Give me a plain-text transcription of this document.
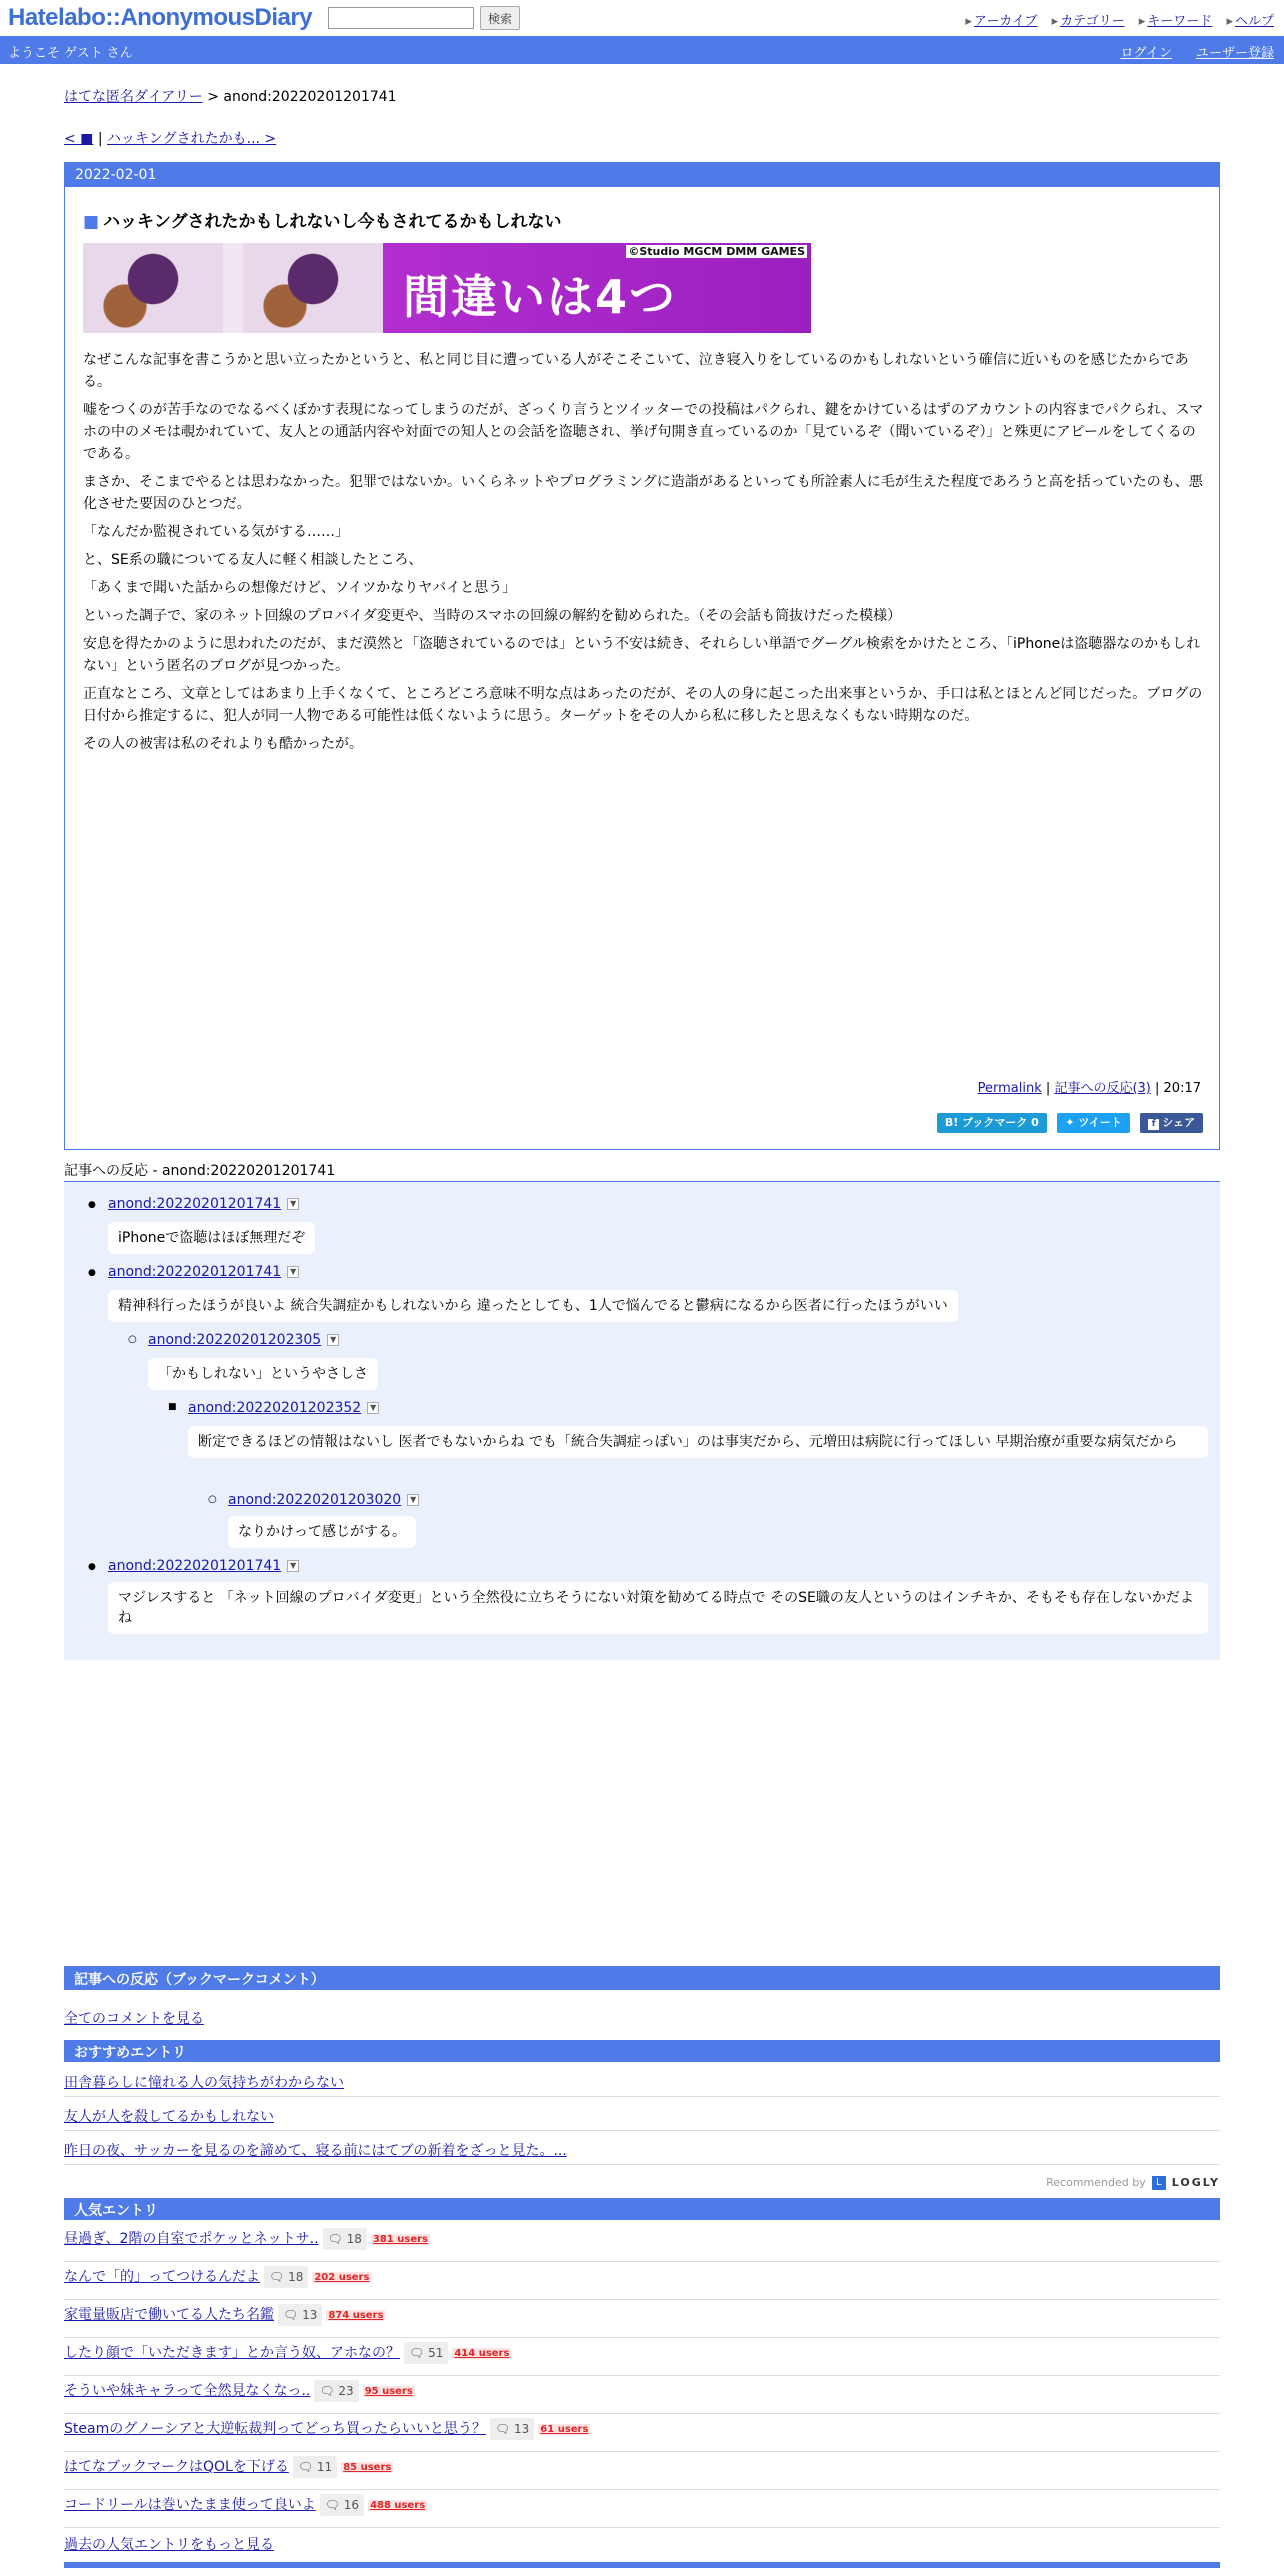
Hatelabo::AnonymousDiary	検索	▸ アーカイブ ▸ カテゴリー ▸ キーワード ▸ ヘルプ
ようこそ ゲスト さん	ログイン ユーザー登録
はてな匿名ダイアリー > anond:20220201201741
< ■ | ハッキングされたかも... >
2022-02-01
■ ハッキングされたかもしれないし今もされてるかもしれない
間違いは4つ
©Studio MGCM DMM GAMES

なぜこんな記事を書こうかと思い立ったかというと、私と同じ目に遭っている人がそこそこいて、泣き寝入りをしているのかもしれないという確信に近いものを感じたからである。

嘘をつくのが苦手なのでなるべくぼかす表現になってしまうのだが、ざっくり言うとツイッターでの投稿はパクられ、鍵をかけているはずのアカウントの内容までパクられ、スマホの中のメモは覗かれていて、友人との通話内容や対面での知人との会話を盗聴され、挙げ句開き直っているのか「見ているぞ（聞いているぞ）」と殊更にアピールをしてくるのである。

まさか、そこまでやるとは思わなかった。犯罪ではないか。いくらネットやプログラミングに造詣があるといっても所詮素人に毛が生えた程度であろうと高を括っていたのも、悪化させた要因のひとつだ。

「なんだか監視されている気がする……」

と、SE系の職についてる友人に軽く相談したところ、

「あくまで聞いた話からの想像だけど、ソイツかなりヤバイと思う」

といった調子で、家のネット回線のプロバイダ変更や、当時のスマホの回線の解約を勧められた。（その会話も筒抜けだった模様）

安息を得たかのように思われたのだが、まだ漠然と「盗聴されているのでは」という不安は続き、それらしい単語でグーグル検索をかけたところ、「iPhoneは盗聴器なのかもしれない」という匿名のブログが見つかった。

正直なところ、文章としてはあまり上手くなくて、ところどころ意味不明な点はあったのだが、その人の身に起こった出来事というか、手口は私とほとんど同じだった。ブログの日付から推定するに、犯人が同一人物である可能性は低くないように思う。ターゲットをその人から私に移したと思えなくもない時期なのだ。

その人の被害は私のそれよりも酷かったが。

Permalink | 記事への反応(3) | 20:17
B! ブックマーク 0 ✦ ツイート	f シェア
記事への反応 - anond:20220201201741
● anond:20220201201741 ▼
iPhoneで盗聴はほぼ無理だぞ
● anond:20220201201741 ▼
精神科行ったほうが良いよ 統合失調症かもしれないから 違ったとしても、1人で悩んでると鬱病になるから医者に行ったほうがいい
○ anond:20220201202305 ▼
「かもしれない」というやさしさ
■ anond:20220201202352 ▼
断定できるほどの情報はないし 医者でもないからね でも「統合失調症っぽい」のは事実だから、元増田は病院に行ってほしい 早期治療が重要な病気だから
○ anond:20220201203020 ▼
なりかけって感じがする。
● anond:20220201201741 ▼
マジレスすると 「ネット回線のプロバイダ変更」という全然役に立ちそうにない対策を勧めてる時点で そのSE職の友人というのはインチキか、そもそも存在しないかだよね
記事への反応（ブックマークコメント）
全てのコメントを見る
おすすめエントリ
田舎暮らしに憧れる人の気持ちがわからない
友人が人を殺してるかもしれない
昨日の夜、サッカーを見るのを諦めて、寝る前にはてブの新着をざっと見た。...
Recommended by L LOGLY
人気エントリ
昼過ぎ、2階の自室でポケッとネットサ.. 🗨 18 381 users
なんで「的」ってつけるんだよ 🗨 18 202 users
家電量販店で働いてる人たち名鑑 🗨 13 874 users
したり顔で「いただきます」とか言う奴、アホなの？ 🗨 51 414 users
そういや妹キャラって全然見なくなっ.. 🗨 23 95 users
Steamのグノーシアと大逆転裁判ってどっち買ったらいいと思う？ 🗨 13 61 users
はてなブックマークはQOLを下げる 🗨 11 85 users
コードリールは巻いたまま使って良いよ 🗨 16 488 users
過去の人気エントリをもっと見る
